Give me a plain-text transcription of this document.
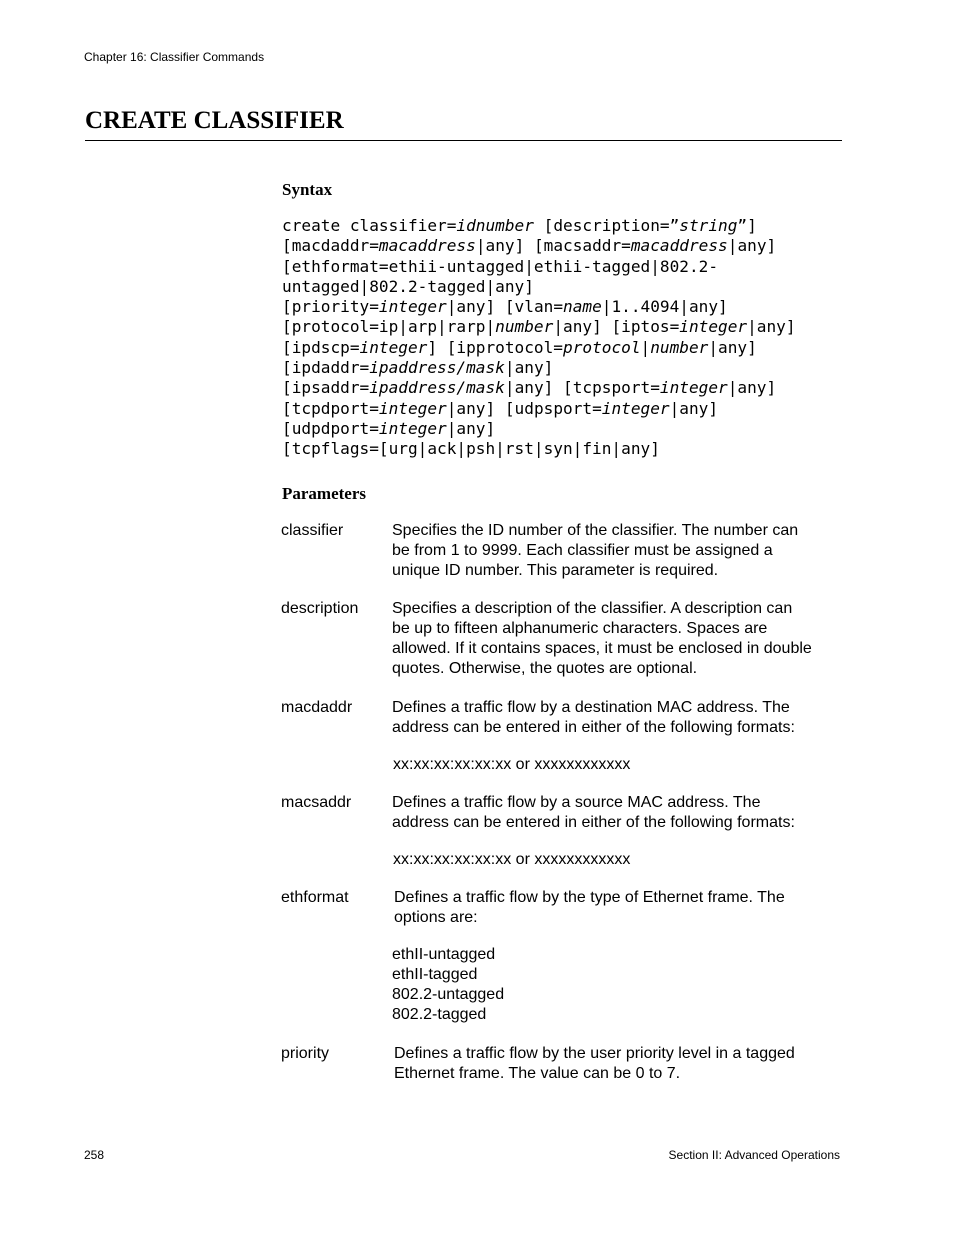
Chapter 16: Classifier Commands
CREATE CLASSIFIER
Syntax
create classifier=idnumber [description=”string”]
[macdaddr=macaddress|any] [macsaddr=macaddress|any]
[ethformat=ethii-untagged|ethii-tagged|802.2-
untagged|802.2-tagged|any]
[priority=integer|any] [vlan=name|1..4094|any]
[protocol=ip|arp|rarp|number|any] [iptos=integer|any]
[ipdscp=integer] [ipprotocol=protocol|number|any]
[ipdaddr=ipaddress/mask|any]
[ipsaddr=ipaddress/mask|any] [tcpsport=integer|any]
[tcpdport=integer|any] [udpsport=integer|any]
[udpdport=integer|any]
[tcpflags=[urg|ack|psh|rst|syn|fin|any]
Parameters
classifier	Specifies the ID number of the classifier. The number can
be from 1 to 9999. Each classifier must be assigned a
unique ID number. This parameter is required.
description Specifies a description of the classifier. A description can
be up to fifteen alphanumeric characters. Spaces are
allowed. If it contains spaces, it must be enclosed in double
quotes. Otherwise, the quotes are optional.
macdaddr Defines a traffic flow by a destination MAC address. The
address can be entered in either of the following formats:
xx:xx:xx:xx:xx:xx or xxxxxxxxxxxx
macsaddr	Defines a traffic flow by a source MAC address. The
address can be entered in either of the following formats:
xx:xx:xx:xx:xx:xx or xxxxxxxxxxxx
ethformat	Defines a traffic flow by the type of Ethernet frame. The
options are:
ethII-untagged
ethII-tagged
802.2-untagged
802.2-tagged
priority	Defines a traffic flow by the user priority level in a tagged
Ethernet frame. The value can be 0 to 7.
258	Section II: Advanced Operations
